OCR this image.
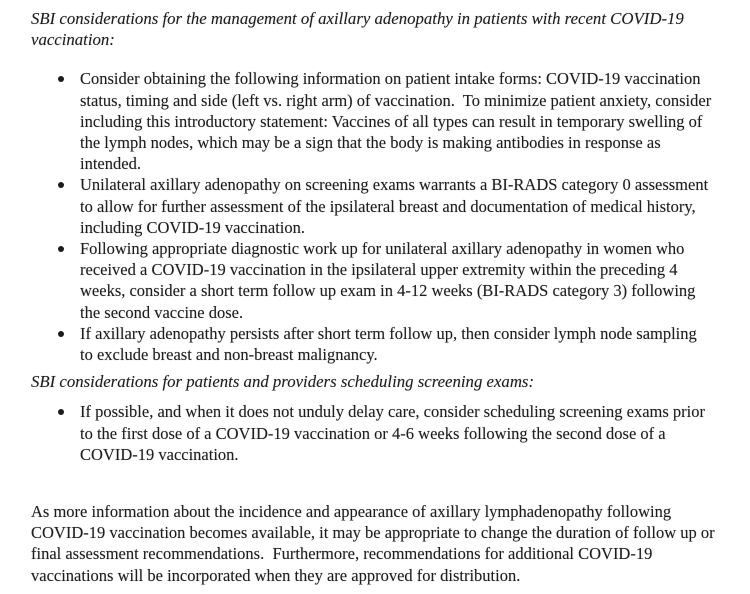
SBI considerations for the management of axillary adenopathy in patients with recent COVID-19 vaccination:

Consider obtaining the following information on patient intake forms: COVID-19 vaccination status, timing and side (left vs. right arm) of vaccination.  To minimize patient anxiety, consider including this introductory statement: Vaccines of all types can result in temporary swelling of the lymph nodes, which may be a sign that the body is making antibodies in response as intended.
Unilateral axillary adenopathy on screening exams warrants a BI-RADS category 0 assessment to allow for further assessment of the ipsilateral breast and documentation of medical history, including COVID-19 vaccination.
Following appropriate diagnostic work up for unilateral axillary adenopathy in women who received a COVID-19 vaccination in the ipsilateral upper extremity within the preceding 4 weeks, consider a short term follow up exam in 4-12 weeks (BI-RADS category 3) following the second vaccine dose.
If axillary adenopathy persists after short term follow up, then consider lymph node sampling to exclude breast and non-breast malignancy.

SBI considerations for patients and providers scheduling screening exams:

If possible, and when it does not unduly delay care, consider scheduling screening exams prior to the first dose of a COVID-19 vaccination or 4-6 weeks following the second dose of a COVID-19 vaccination.

As more information about the incidence and appearance of axillary lymphadenopathy following COVID-19 vaccination becomes available, it may be appropriate to change the duration of follow up or final assessment recommendations.  Furthermore, recommendations for additional COVID-19 vaccinations will be incorporated when they are approved for distribution.
